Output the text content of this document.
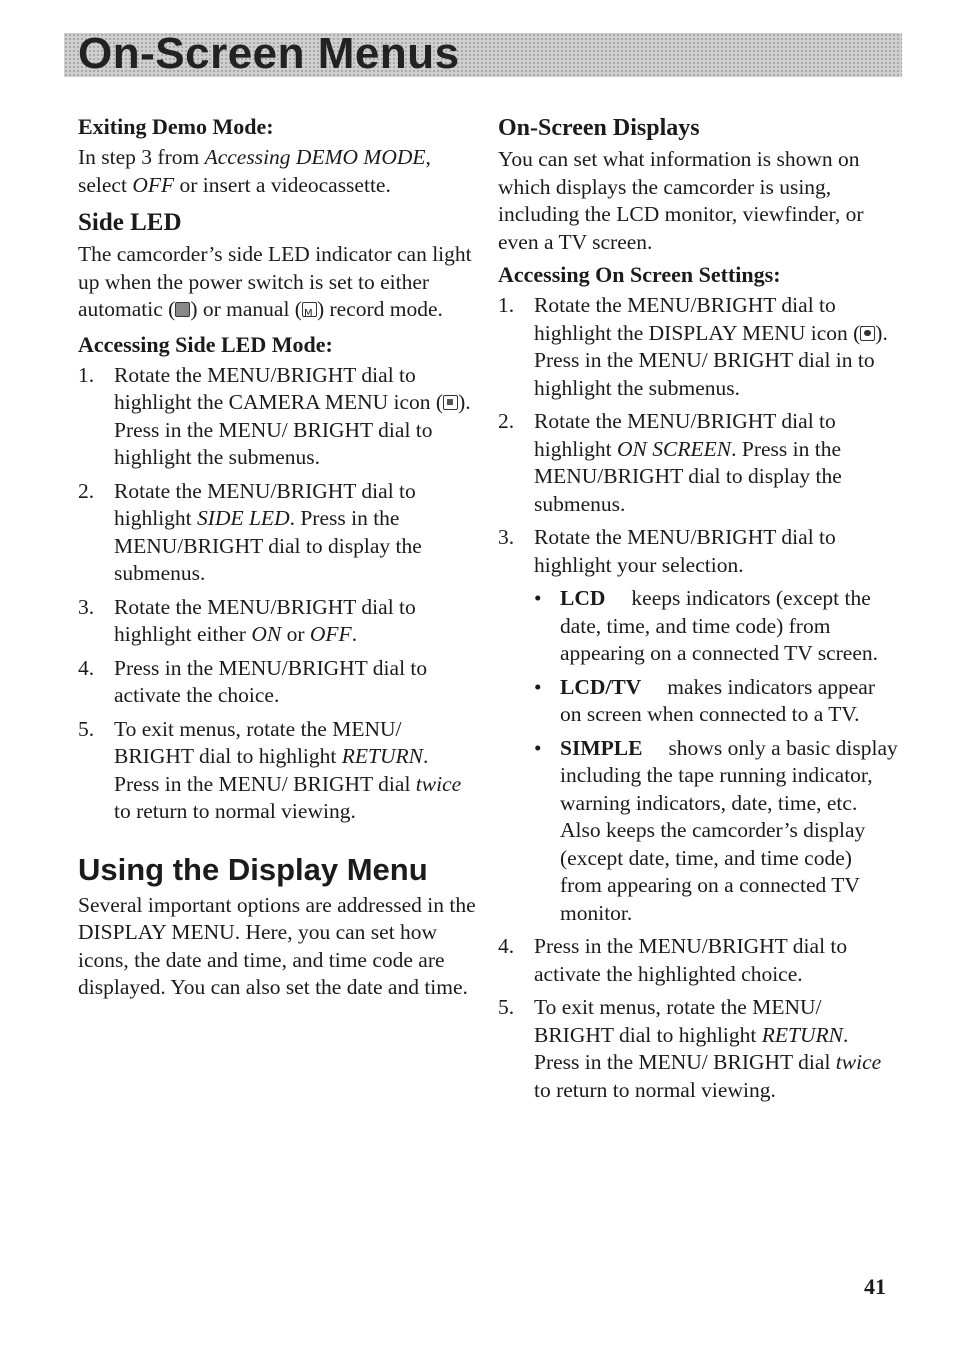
On-Screen Menus
Exiting Demo Mode:

In step 3 from Accessing DEMO MODE, select OFF or insert a videocassette.

Side LED

The camcorder’s side LED indicator can light up when the power switch is set to either automatic ( ) or manual (M ) record mode.

Accessing Side LED Mode:
1. Rotate the MENU/BRIGHT dial to highlight the CAMERA MENU icon ( ). Press in the MENU/ BRIGHT dial to highlight the submenus.
2. Rotate the MENU/BRIGHT dial to highlight SIDE LED. Press in the MENU/BRIGHT dial to display the submenus.
3. Rotate the MENU/BRIGHT dial to highlight either ON or OFF.
4. Press in the MENU/BRIGHT dial to activate the choice.
5. To exit menus, rotate the MENU/ BRIGHT dial to highlight RETURN. Press in the MENU/ BRIGHT dial twice to return to normal viewing.
Using the Display Menu

Several important options are addressed in the DISPLAY MENU. Here, you can set how icons, the date and time, and time code are displayed. You can also set the date and time.

On-Screen Displays

You can set what information is shown on which displays the camcorder is using, including the LCD monitor, viewfinder, or even a TV screen.

Accessing On Screen Settings:
1. Rotate the MENU/BRIGHT dial to highlight the DISPLAY MENU icon ( ). Press in the MENU/ BRIGHT dial in to highlight the submenus.
2. Rotate the MENU/BRIGHT dial to highlight ON SCREEN. Press in the MENU/BRIGHT dial to display the submenus.
3. Rotate the MENU/BRIGHT dial to highlight your selection.
• LCD keeps indicators (except the date, time, and time code) from appearing on a connected TV screen.
• LCD/TV makes indicators appear on screen when connected to a TV.
• SIMPLE shows only a basic display including the tape running indicator, warning indicators, date, time, etc. Also keeps the camcorder’s display (except date, time, and time code) from appearing on a connected TV monitor.
4. Press in the MENU/BRIGHT dial to activate the highlighted choice.
5. To exit menus, rotate the MENU/ BRIGHT dial to highlight RETURN. Press in the MENU/ BRIGHT dial twice to return to normal viewing.
41
